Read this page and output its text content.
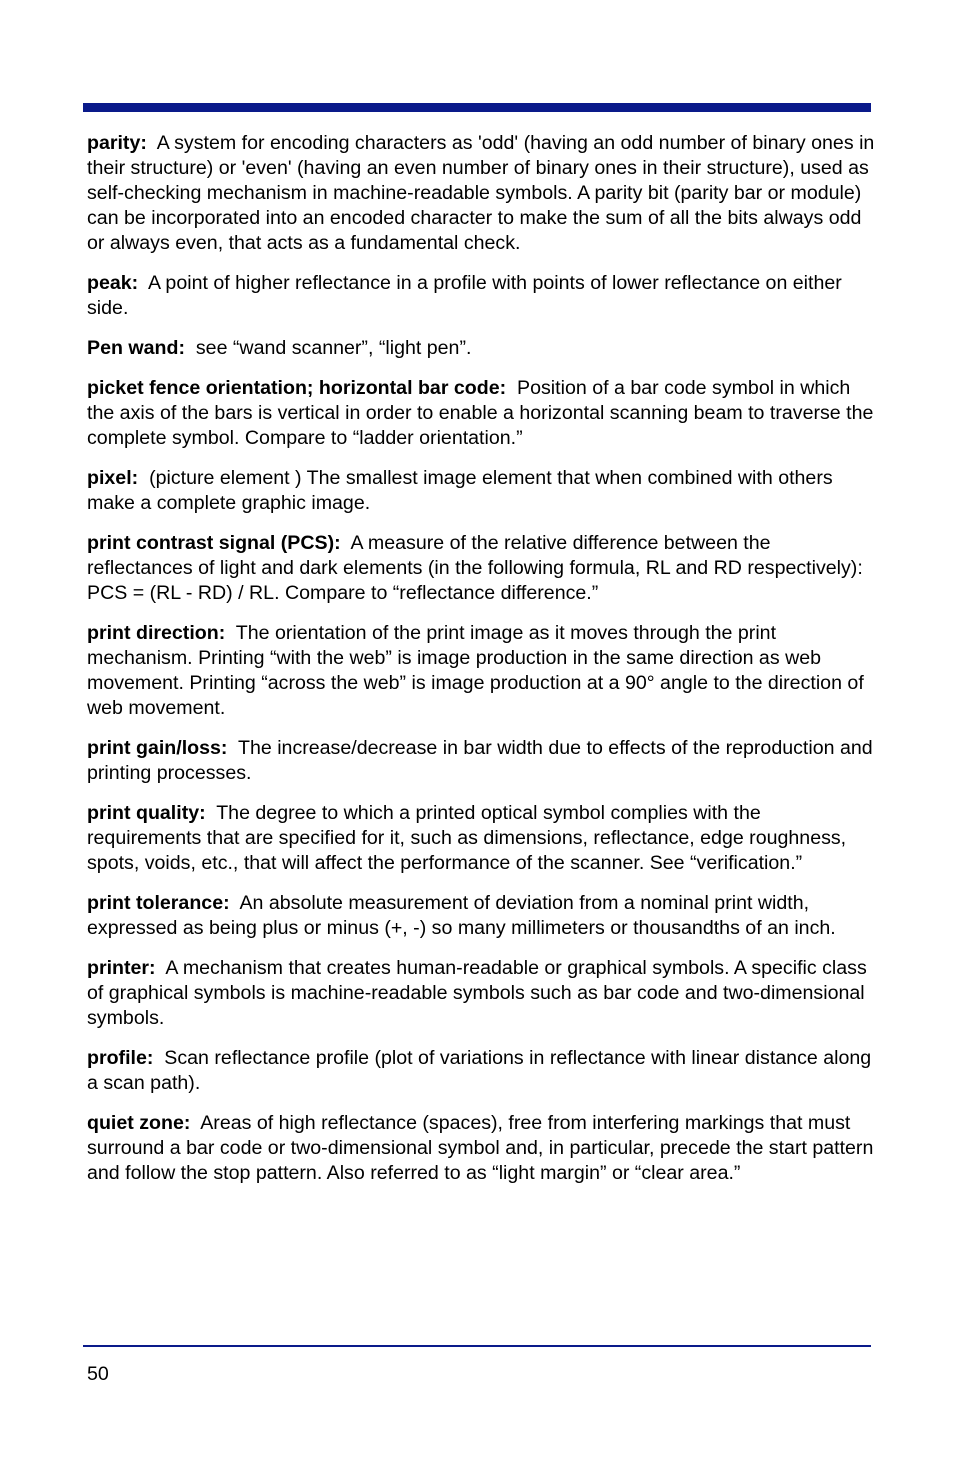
parity: A system for encoding characters as 'odd' (having an odd number of binary ones in their structure) or 'even' (having an even number of binary ones in their structure), used as self-checking mechanism in machine-readable symbols. A parity bit (parity bar or module) can be incorporated into an encoded character to make the sum of all the bits always odd or always even, that acts as a fundamental check.

peak: A point of higher reflectance in a profile with points of lower reflectance on either side.

Pen wand: see “wand scanner”, “light pen”.

picket fence orientation; horizontal bar code: Position of a bar code symbol in which the axis of the bars is vertical in order to enable a horizontal scanning beam to traverse the complete symbol. Compare to “ladder orientation.”

pixel: (picture element ) The smallest image element that when combined with others make a complete graphic image.

print contrast signal (PCS): A measure of the relative difference between the reflectances of light and dark elements (in the following formula, RL and RD respectively): PCS = (RL - RD) / RL. Compare to “reflectance difference.”

print direction: The orientation of the print image as it moves through the print mechanism. Printing “with the web” is image production in the same direction as web movement. Printing “across the web” is image production at a 90° angle to the direction of web movement.

print gain/loss: The increase/decrease in bar width due to effects of the reproduction and printing processes.

print quality: The degree to which a printed optical symbol complies with the requirements that are specified for it, such as dimensions, reflectance, edge roughness, spots, voids, etc., that will affect the performance of the scanner. See “verification.”

print tolerance: An absolute measurement of deviation from a nominal print width, expressed as being plus or minus (+, -) so many millimeters or thousandths of an inch.

printer: A mechanism that creates human-readable or graphical symbols. A specific class of graphical symbols is machine-readable symbols such as bar code and two-dimensional symbols.

profile: Scan reflectance profile (plot of variations in reflectance with linear distance along a scan path).

quiet zone: Areas of high reflectance (spaces), free from interfering markings that must surround a bar code or two-dimensional symbol and, in particular, precede the start pattern and follow the stop pattern. Also referred to as “light margin” or “clear area.”

50
